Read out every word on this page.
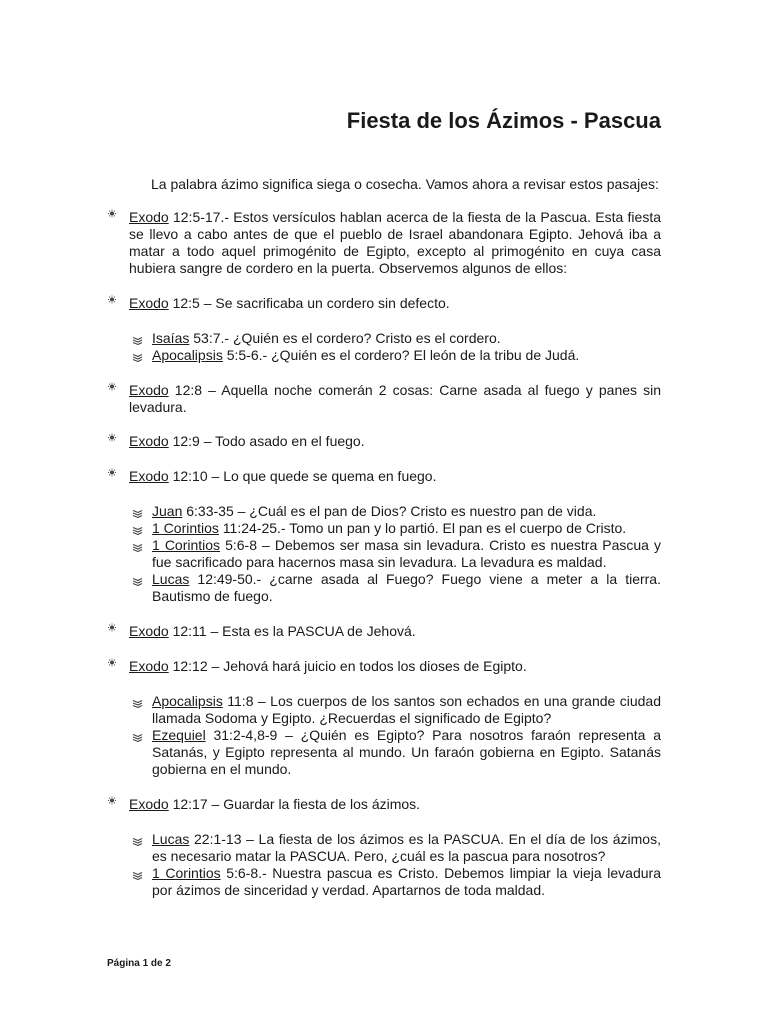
Fiesta de los Ázimos - Pascua

La palabra ázimo significa siega o cosecha. Vamos ahora a revisar estos pasajes:

Exodo 12:5-17.- Estos versículos hablan acerca de la fiesta de la Pascua. Esta fiesta se llevo a cabo antes de que el pueblo de Israel abandonara Egipto. Jehová iba a matar a todo aquel primogénito de Egipto, excepto al primogénito en cuya casa hubiera sangre de cordero en la puerta. Observemos algunos de ellos:

Exodo 12:5 – Se sacrificaba un cordero sin defecto.

Isaías 53:7.- ¿Quién es el cordero? Cristo es el cordero.

Apocalipsis 5:5-6.- ¿Quién es el cordero? El león de la tribu de Judá.

Exodo 12:8 – Aquella noche comerán 2 cosas: Carne asada al fuego y panes sin levadura.

Exodo 12:9 – Todo asado en el fuego.

Exodo 12:10 – Lo que quede se quema en fuego.

Juan 6:33-35 – ¿Cuál es el pan de Dios? Cristo es nuestro pan de vida.

1 Corintios 11:24-25.- Tomo un pan y lo partió. El pan es el cuerpo de Cristo.

1 Corintios 5:6-8 – Debemos ser masa sin levadura. Cristo es nuestra Pascua y fue sacrificado para hacernos masa sin levadura. La levadura es maldad.

Lucas 12:49-50.- ¿carne asada al Fuego? Fuego viene a meter a la tierra. Bautismo de fuego.

Exodo 12:11 – Esta es la PASCUA de Jehová.

Exodo 12:12 – Jehová hará juicio en todos los dioses de Egipto.

Apocalipsis 11:8 – Los cuerpos de los santos son echados en una grande ciudad llamada Sodoma y Egipto. ¿Recuerdas el significado de Egipto?

Ezequiel 31:2-4,8-9 – ¿Quién es Egipto? Para nosotros faraón representa a Satanás, y Egipto representa al mundo. Un faraón gobierna en Egipto. Satanás gobierna en el mundo.

Exodo 12:17 – Guardar la fiesta de los ázimos.

Lucas 22:1-13 – La fiesta de los ázimos es la PASCUA. En el día de los ázimos, es necesario matar la PASCUA. Pero, ¿cuál es la pascua para nosotros?

1 Corintios 5:6-8.- Nuestra pascua es Cristo. Debemos limpiar la vieja levadura por ázimos de sinceridad y verdad. Apartarnos de toda maldad.

Página 1 de 2
